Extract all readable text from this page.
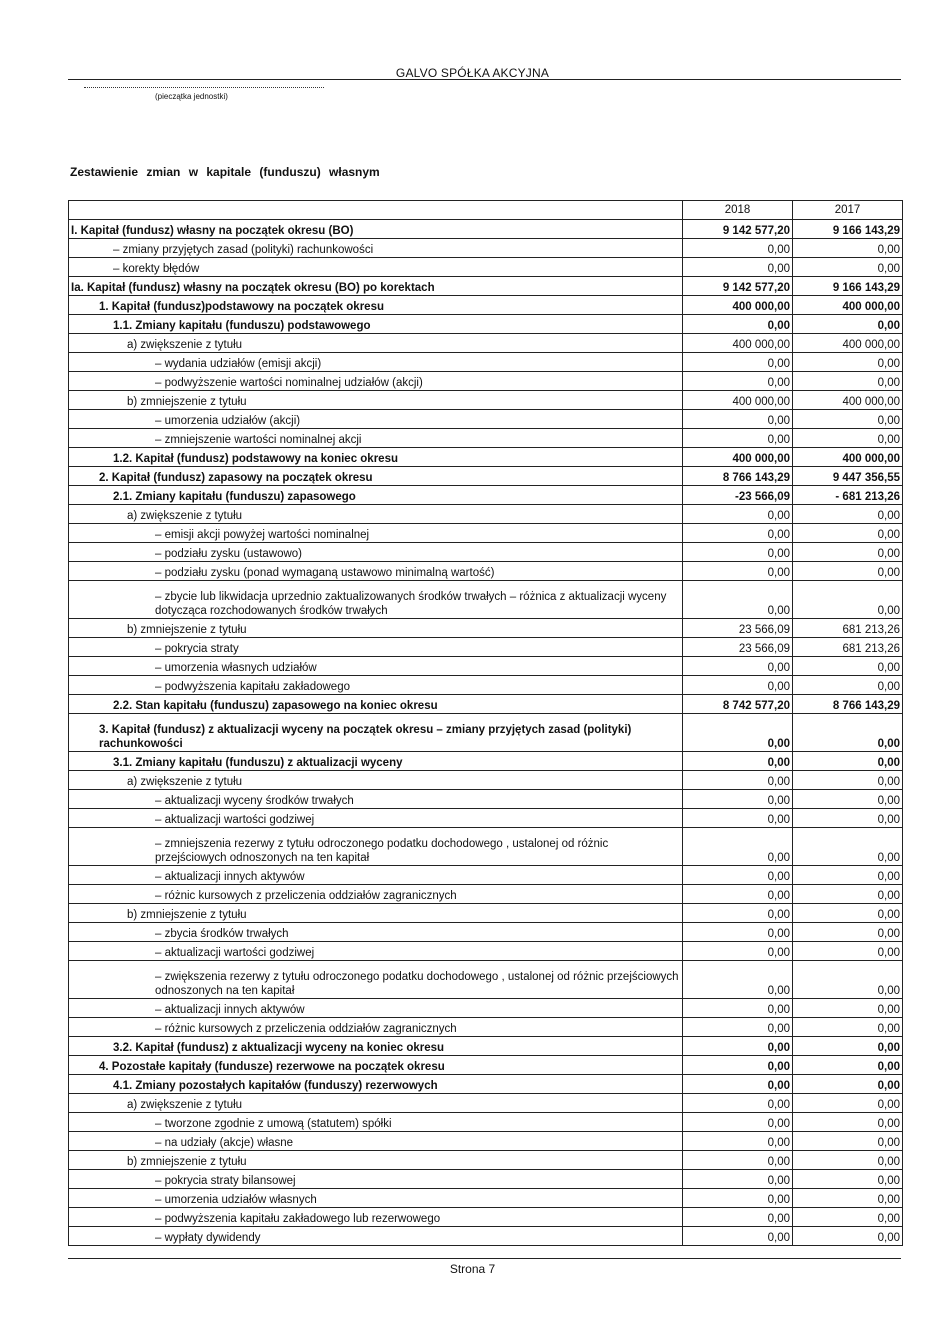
GALVO SPÓŁKA AKCYJNA
(pieczątka jednostki)
Zestawienie zmian w kapitale (funduszu) własnym
	2018	2017
I. Kapitał (fundusz) własny na początek okresu (BO)	9 142 577,20	9 166 143,29
– zmiany przyjętych zasad (polityki) rachunkowości	0,00	0,00
– korekty błędów	0,00	0,00
Ia. Kapitał (fundusz) własny na początek okresu (BO) po korektach	9 142 577,20	9 166 143,29
1. Kapitał (fundusz)podstawowy na początek okresu	400 000,00	400 000,00
1.1. Zmiany kapitału (funduszu) podstawowego	0,00	0,00
a) zwiększenie z tytułu	400 000,00	400 000,00
– wydania udziałów (emisji akcji)	0,00	0,00
– podwyższenie wartości nominalnej udziałów (akcji)	0,00	0,00
b) zmniejszenie z tytułu	400 000,00	400 000,00
– umorzenia udziałów (akcji)	0,00	0,00
– zmniejszenie wartości nominalnej akcji	0,00	0,00
1.2. Kapitał (fundusz) podstawowy na koniec okresu	400 000,00	400 000,00
2. Kapitał (fundusz) zapasowy na początek okresu	8 766 143,29	9 447 356,55
2.1. Zmiany kapitału (funduszu) zapasowego	-23 566,09	- 681 213,26
a) zwiększenie z tytułu	0,00	0,00
– emisji akcji powyżej wartości nominalnej	0,00	0,00
– podziału zysku (ustawowo)	0,00	0,00
– podziału zysku (ponad wymaganą ustawowo minimalną wartość)	0,00	0,00
– zbycie lub likwidacja uprzednio zaktualizowanych środków trwałych – różnica z aktualizacji wyceny dotycząca rozchodowanych środków trwałych	0,00	0,00
b) zmniejszenie z tytułu	23 566,09	681 213,26
– pokrycia straty	23 566,09	681 213,26
– umorzenia własnych udziałów	0,00	0,00
– podwyższenia kapitału zakładowego	0,00	0,00
2.2. Stan kapitału (funduszu) zapasowego na koniec okresu	8 742 577,20	8 766 143,29
3. Kapitał (fundusz) z aktualizacji wyceny na początek okresu – zmiany przyjętych zasad (polityki) rachunkowości	0,00	0,00
3.1. Zmiany kapitału (funduszu) z aktualizacji wyceny	0,00	0,00
a) zwiększenie z tytułu	0,00	0,00
– aktualizacji wyceny środków trwałych	0,00	0,00
– aktualizacji wartości godziwej	0,00	0,00
– zmniejszenia rezerwy z tytułu odroczonego podatku dochodowego , ustalonej od różnic przejściowych odnoszonych na ten kapitał	0,00	0,00
– aktualizacji innych aktywów	0,00	0,00
– różnic kursowych z przeliczenia oddziałów zagranicznych	0,00	0,00
b) zmniejszenie z tytułu	0,00	0,00
– zbycia środków trwałych	0,00	0,00
– aktualizacji wartości godziwej	0,00	0,00
– zwiększenia rezerwy z tytułu odroczonego podatku dochodowego , ustalonej od różnic przejściowych odnoszonych na ten kapitał	0,00	0,00
– aktualizacji innych aktywów	0,00	0,00
– różnic kursowych z przeliczenia oddziałów zagranicznych	0,00	0,00
3.2. Kapitał (fundusz) z aktualizacji wyceny na koniec okresu	0,00	0,00
4. Pozostałe kapitały (fundusze) rezerwowe na początek okresu	0,00	0,00
4.1. Zmiany pozostałych kapitałów (funduszy) rezerwowych	0,00	0,00
a) zwiększenie z tytułu	0,00	0,00
– tworzone zgodnie z umową (statutem) spółki	0,00	0,00
– na udziały (akcje) własne	0,00	0,00
b) zmniejszenie z tytułu	0,00	0,00
– pokrycia straty bilansowej	0,00	0,00
– umorzenia udziałów własnych	0,00	0,00
– podwyższenia kapitału zakładowego lub rezerwowego	0,00	0,00
– wypłaty dywidendy	0,00	0,00
Strona 7
